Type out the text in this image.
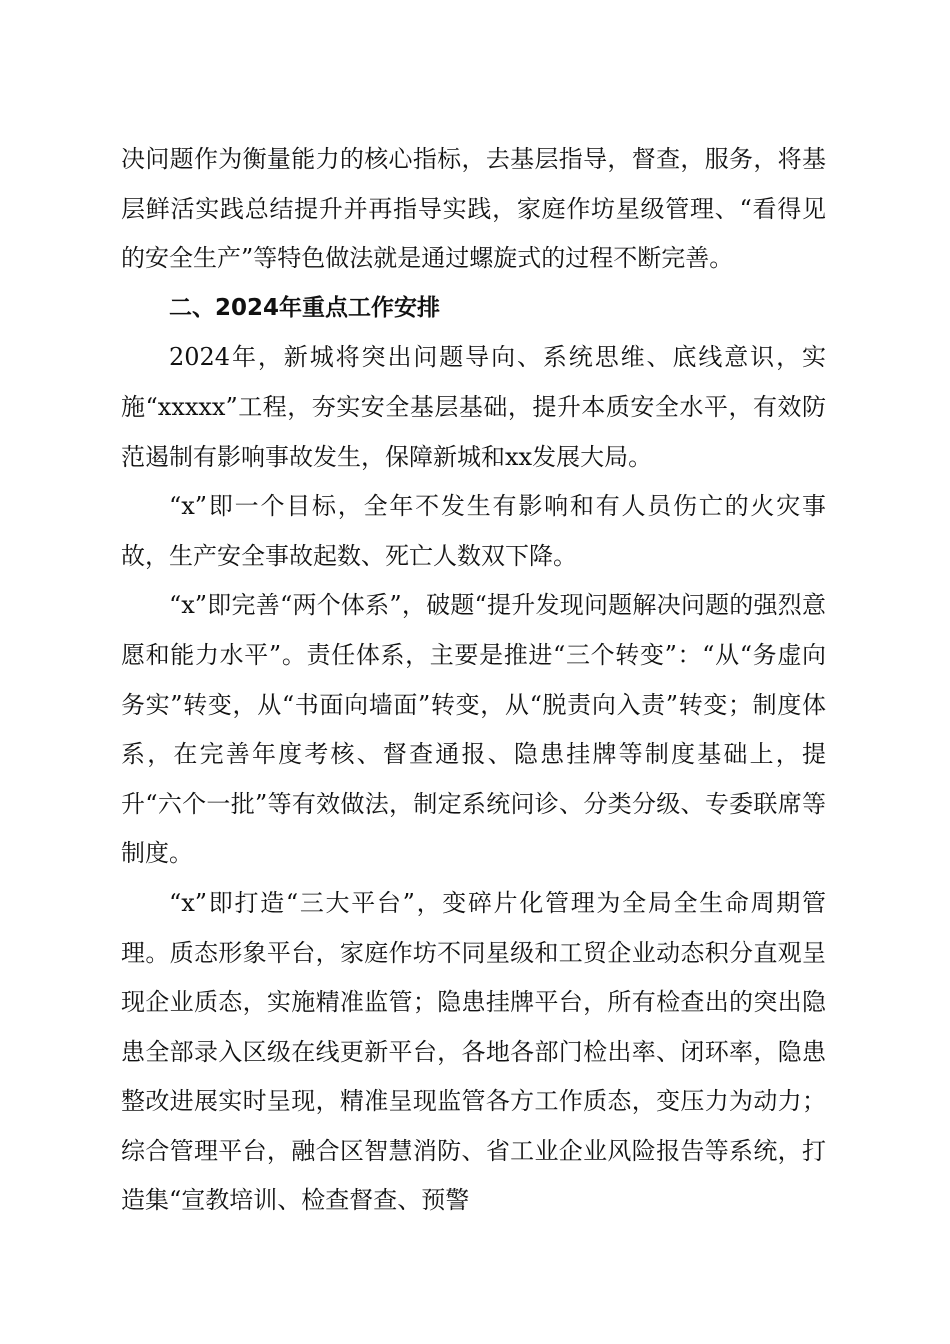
决问题作为衡量能力的核心指标，去基层指导，督查，服务，将基层鲜活实践总结提升并再指导实践，家庭作坊星级管理、“看得见的安全生产”等特色做法就是通过螺旋式的过程不断完善。

二、2024年重点工作安排

2024年，新城将突出问题导向、系统思维、底线意识，实施“xxxxx”工程，夯实安全基层基础，提升本质安全水平，有效防范遏制有影响事故发生，保障新城和xx发展大局。

“x”即一个目标，全年不发生有影响和有人员伤亡的火灾事故，生产安全事故起数、死亡人数双下降。

“x”即完善“两个体系”，破题“提升发现问题解决问题的强烈意愿和能力水平”。责任体系，主要是推进“三个转变”：“从“务虚向务实”转变，从“书面向墙面”转变，从“脱责向入责”转变；制度体系，在完善年度考核、督查通报、隐患挂牌等制度基础上，提升“六个一批”等有效做法，制定系统问诊、分类分级、专委联席等制度。

“x”即打造“三大平台”，变碎片化管理为全局全生命周期管理。质态形象平台，家庭作坊不同星级和工贸企业动态积分直观呈现企业质态，实施精准监管；隐患挂牌平台，所有检查出的突出隐患全部录入区级在线更新平台，各地各部门检出率、闭环率，隐患整改进展实时呈现，精准呈现监管各方工作质态，变压力为动力；综合管理平台，融合区智慧消防、省工业企业风险报告等系统，打造集“宣教培训、检查督查、预警
